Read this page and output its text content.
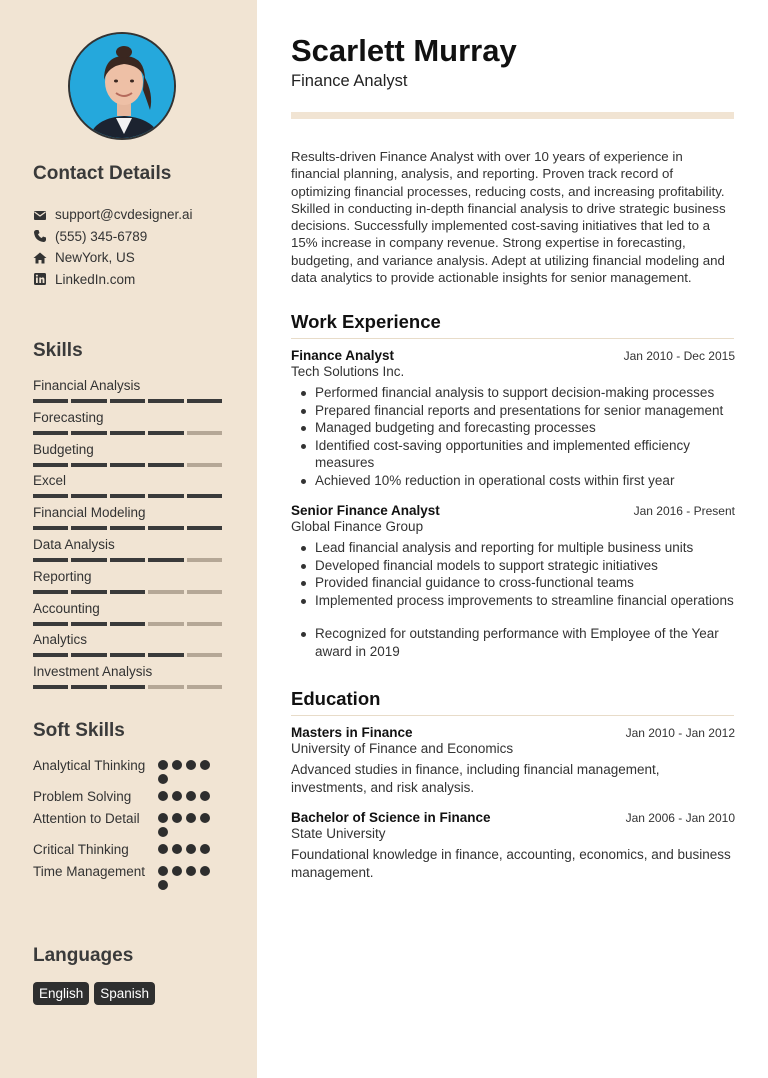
Contact Details
support@cvdesigner.ai
(555) 345-6789
NewYork, US
LinkedIn.com
Skills
Financial Analysis
Forecasting
Budgeting
Excel
Financial Modeling
Data Analysis
Reporting
Accounting
Analytics
Investment Analysis
Soft Skills
Analytical Thinking
Problem Solving
Attention to Detail
Critical Thinking
Time Management
Languages
English	Spanish
Scarlett Murray
Finance Analyst
Results-driven Finance Analyst with over 10 years of experience in financial planning, analysis, and reporting. Proven track record of optimizing financial processes, reducing costs, and increasing profitability. Skilled in conducting in-depth financial analysis to drive strategic business decisions. Successfully implemented cost-saving initiatives that led to a 15% increase in company revenue. Strong expertise in forecasting, budgeting, and variance analysis. Adept at utilizing financial modeling and data analytics to provide actionable insights for senior management.
Work Experience
Finance Analyst	Jan 2010 - Dec 2015
Tech Solutions Inc.
Performed financial analysis to support decision-making processes
Prepared financial reports and presentations for senior management
Managed budgeting and forecasting processes
Identified cost-saving opportunities and implemented efficiency measures
Achieved 10% reduction in operational costs within first year
Senior Finance Analyst	Jan 2016 - Present
Global Finance Group
Lead financial analysis and reporting for multiple business units
Developed financial models to support strategic initiatives
Provided financial guidance to cross-functional teams
Implemented process improvements to streamline financial operations
Recognized for outstanding performance with Employee of the Year award in 2019
Education
Masters in Finance	Jan 2010 - Jan 2012
University of Finance and Economics
Advanced studies in finance, including financial management, investments, and risk analysis.
Bachelor of Science in Finance	Jan 2006 - Jan 2010
State University
Foundational knowledge in finance, accounting, economics, and business management.
